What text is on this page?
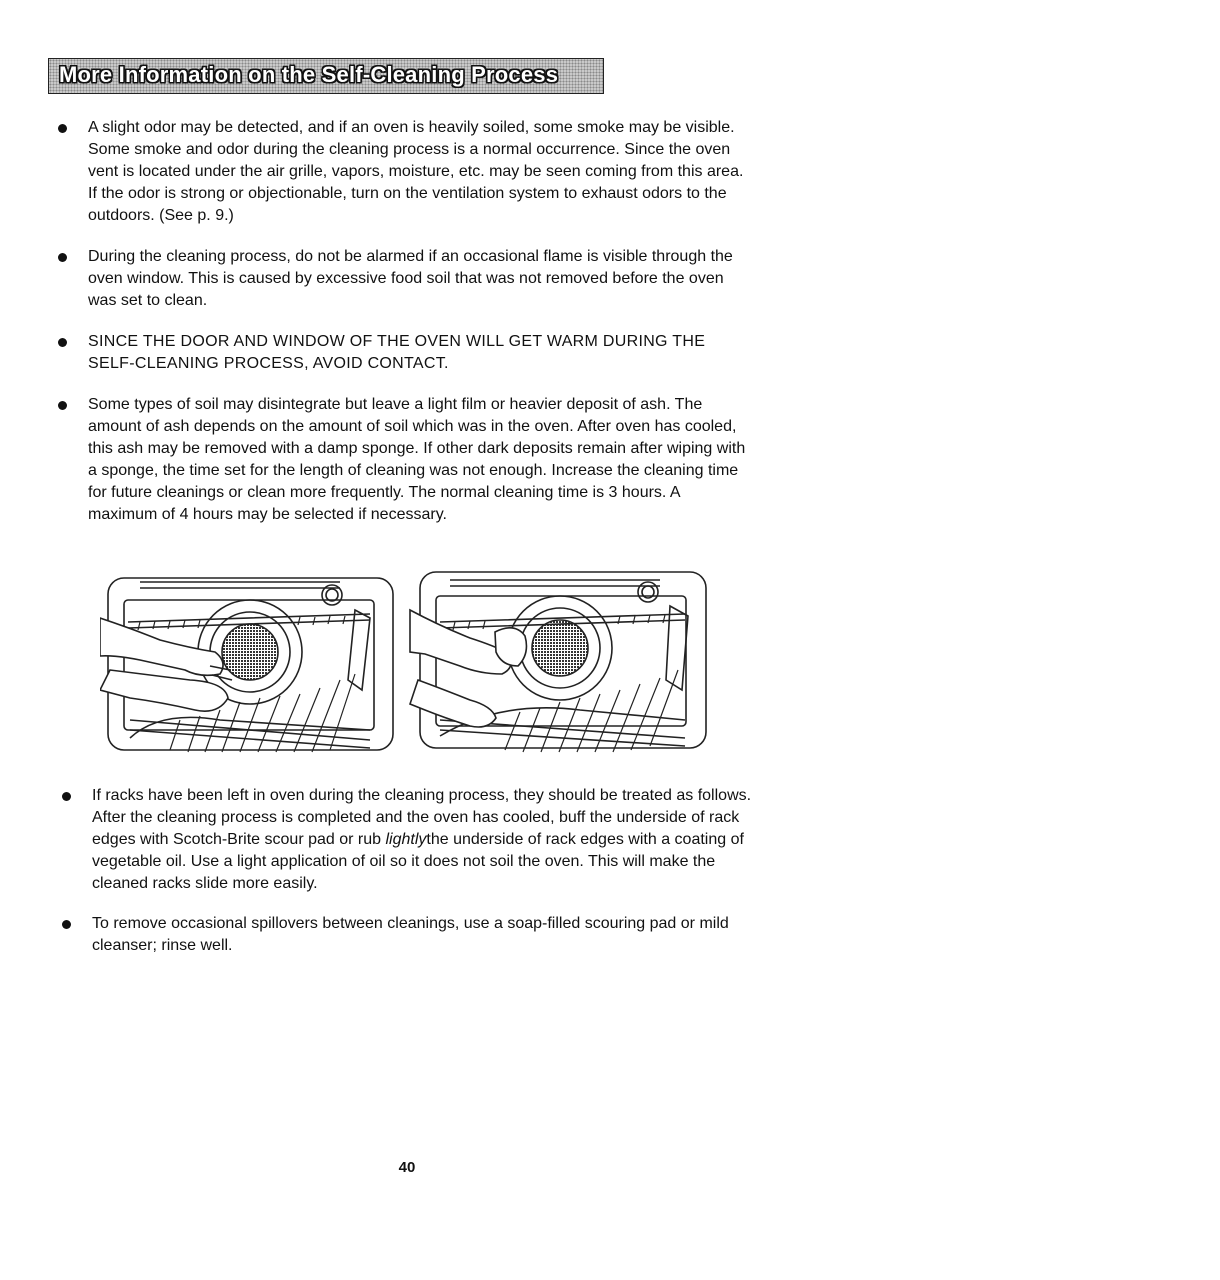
More Information on the Self-Cleaning Process
A slight odor may be detected, and if an oven is heavily soiled, some smoke may be visible. Some smoke and odor during the cleaning process is a normal occurrence. Since the oven vent is located under the air grille, vapors, moisture, etc. may be seen coming from this area. If the odor is strong or objectionable, turn on the ventilation system to exhaust odors to the outdoors. (See p. 9.)
During the cleaning process, do not be alarmed if an occasional flame is visible through the oven window. This is caused by excessive food soil that was not removed before the oven was set to clean.
SINCE THE DOOR AND WINDOW OF THE OVEN WILL GET WARM DURING THE SELF-CLEANING PROCESS, AVOID CONTACT.
Some types of soil may disintegrate but leave a light film or heavier deposit of ash. The amount of ash depends on the amount of soil which was in the oven. After oven has cooled, this ash may be removed with a damp sponge. If other dark deposits remain after wiping with a sponge, the time set for the length of cleaning was not enough. Increase the cleaning time for future cleanings or clean more frequently. The normal cleaning time is 3 hours. A maximum of 4 hours may be selected if necessary.
If racks have been left in oven during the cleaning process, they should be treated as follows. After the cleaning process is completed and the oven has cooled, buff the underside of rack edges with Scotch-Brite scour pad or rub lightlythe underside of rack edges with a coating of vegetable oil. Use a light application of oil so it does not soil the oven. This will make the cleaned racks slide more easily.
To remove occasional spillovers between cleanings, use a soap-filled scouring pad or mild cleanser; rinse well.
40
